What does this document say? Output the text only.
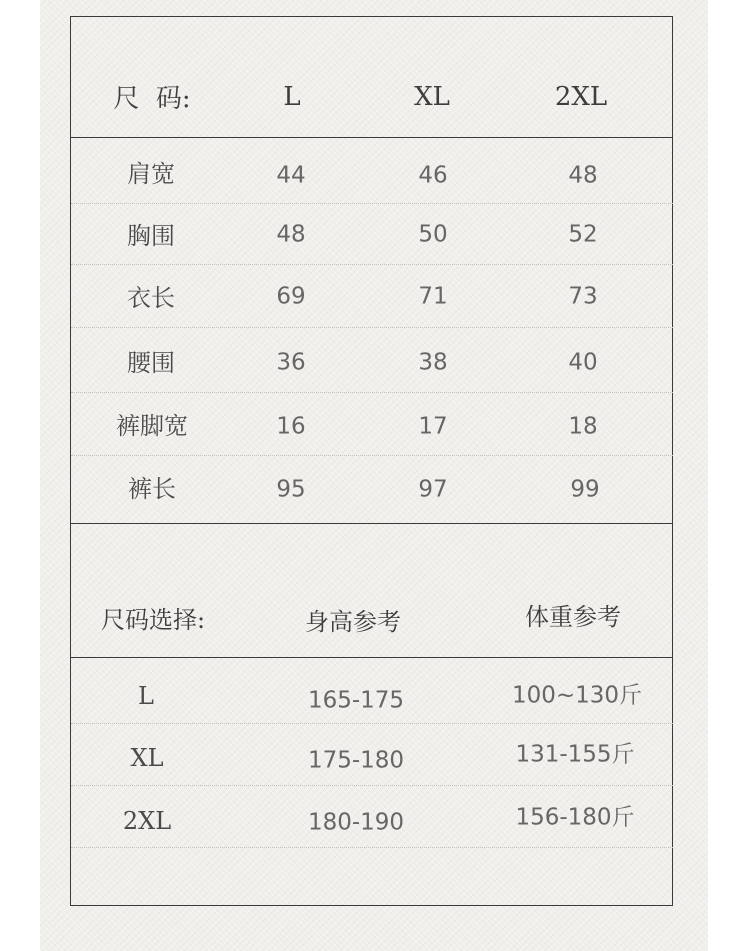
尺  码:	L	XL	2XL
肩宽	44	46	48
胸围	48	50	52
衣长	69	71	73
腰围	36	38	40
裤脚宽	16	17	18
裤长	95	97	99
尺码选择:	身高参考	体重参考
L	165-175	100~130斤
XL	175-180	131-155斤
2XL	180-190	156-180斤
